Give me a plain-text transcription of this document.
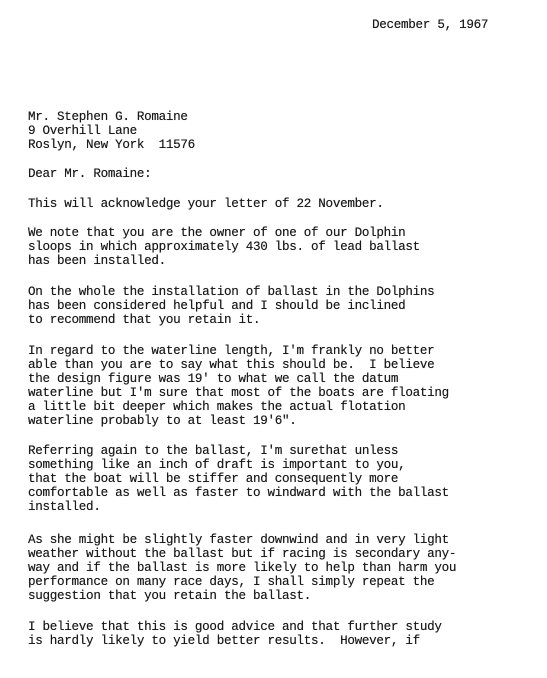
December 5, 1967
Mr. Stephen G. Romaine
9 Overhill Lane
Roslyn, New York  11576
Dear Mr. Romaine:
This will acknowledge your letter of 22 November.
We note that you are the owner of one of our Dolphin
sloops in which approximately 430 lbs. of lead ballast
has been installed.
On the whole the installation of ballast in the Dolphins
has been considered helpful and I should be inclined
to recommend that you retain it.
In regard to the waterline length, I'm frankly no better
able than you are to say what this should be.  I believe
the design figure was 19' to what we call the datum
waterline but I'm sure that most of the boats are floating
a little bit deeper which makes the actual flotation
waterline probably to at least 19'6".
Referring again to the ballast, I'm surethat unless
something like an inch of draft is important to you,
that the boat will be stiffer and consequently more
comfortable as well as faster to windward with the ballast
installed.
As she might be slightly faster downwind and in very light
weather without the ballast but if racing is secondary any-
way and if the ballast is more likely to help than harm you
performance on many race days, I shall simply repeat the
suggestion that you retain the ballast.
I believe that this is good advice and that further study
is hardly likely to yield better results.  However, if
